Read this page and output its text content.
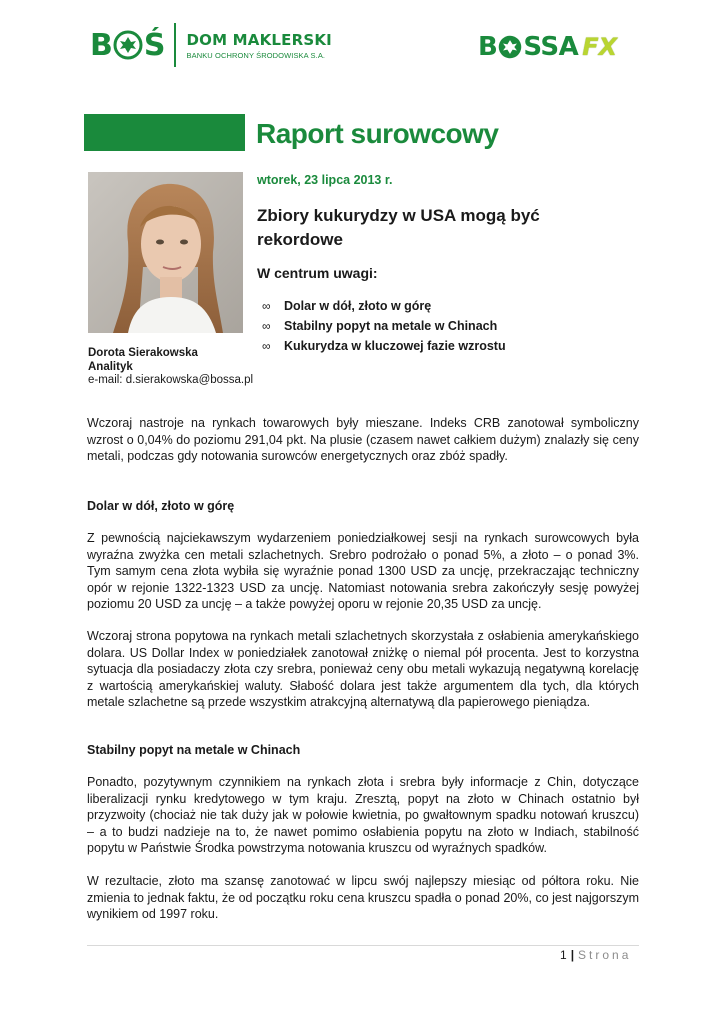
B Ś DOM MAKLERSKI
BANKU OCHRONY ŚRODOWISKA S.A.	B SSA FX
Raport surowcowy
Dorota Sierakowska
Analityk
e-mail: d.sierakowska@bossa.pl
wtorek, 23 lipca 2013 r.
Zbiory kukurydzy w USA mogą być rekordowe
W centrum uwagi:
∞	Dolar w dół, złoto w górę
∞	Stabilny popyt na metale w Chinach
∞	Kukurydza w kluczowej fazie wzrostu

Wczoraj nastroje na rynkach towarowych były mieszane. Indeks CRB zanotował symboliczny wzrost o 0,04% do poziomu 291,04 pkt. Na plusie (czasem nawet całkiem dużym) znalazły się ceny metali, podczas gdy notowania surowców energetycznych oraz zbóż spadły.

Dolar w dół, złoto w górę

Z pewnością najciekawszym wydarzeniem poniedziałkowej sesji na rynkach surowcowych była wyraźna zwyżka cen metali szlachetnych. Srebro podrożało o ponad 5%, a złoto – o ponad 3%. Tym samym cena złota wybiła się wyraźnie ponad 1300 USD za uncję, przekraczając techniczny opór w rejonie 1322-1323 USD za uncję. Natomiast notowania srebra zakończyły sesję powyżej poziomu 20 USD za uncję – a także powyżej oporu w rejonie 20,35 USD za uncję.

Wczoraj strona popytowa na rynkach metali szlachetnych skorzystała z osłabienia amerykańskiego dolara. US Dollar Index w poniedziałek zanotował zniżkę o niemal pół procenta. Jest to korzystna sytuacja dla posiadaczy złota czy srebra, ponieważ ceny obu metali wykazują negatywną korelację z wartością amerykańskiej waluty. Słabość dolara jest także argumentem dla tych, dla których metale szlachetne są przede wszystkim atrakcyjną alternatywą dla papierowego pieniądza.

Stabilny popyt na metale w Chinach

Ponadto, pozytywnym czynnikiem na rynkach złota i srebra były informacje z Chin, dotyczące liberalizacji rynku kredytowego w tym kraju. Zresztą, popyt na złoto w Chinach ostatnio był przyzwoity (chociaż nie tak duży jak w połowie kwietnia, po gwałtownym spadku notowań kruszcu) – a to budzi nadzieje na to, że nawet pomimo osłabienia popytu na złoto w Indiach, stabilność popytu w Państwie Środka powstrzyma notowania kruszcu od wyraźnych spadków.

W rezultacie, złoto ma szansę zanotować w lipcu swój najlepszy miesiąc od półtora roku. Nie zmienia to jednak faktu, że od początku roku cena kruszcu spadła o ponad 20%, co jest najgorszym wynikiem od 1997 roku.

1 | Strona
